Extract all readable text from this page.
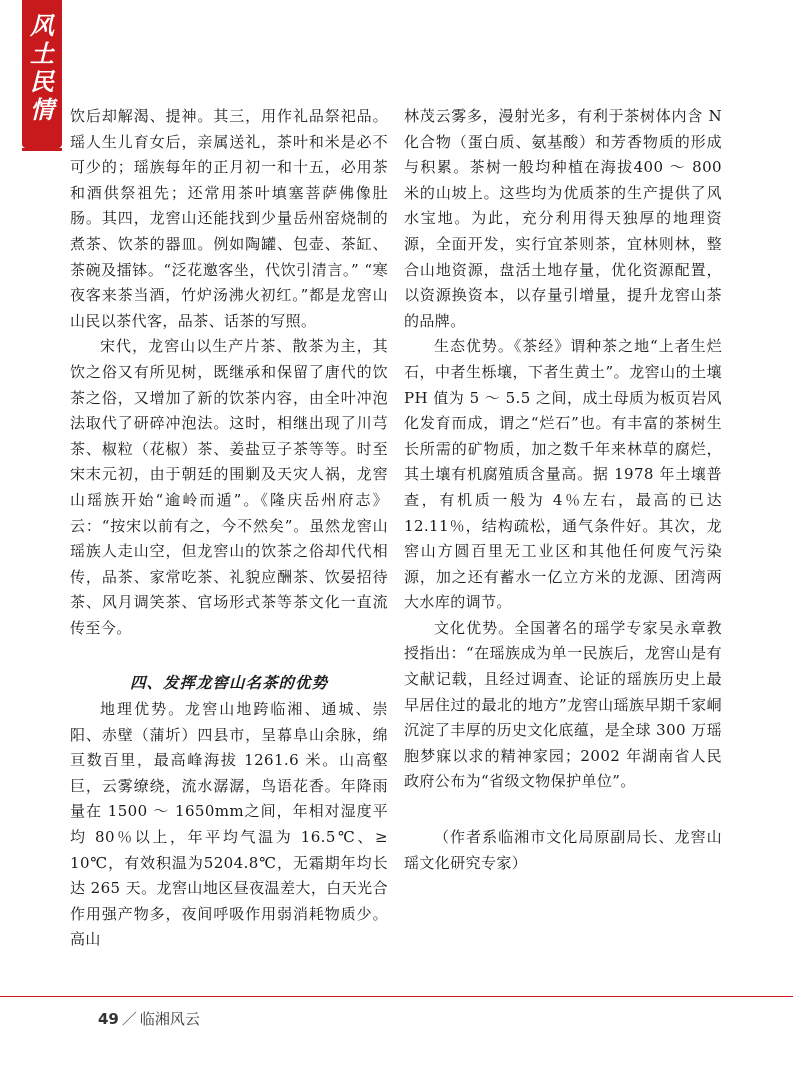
风
土
民
情	饮后却解渴、提神。其三，用作礼品祭祀品。瑶人生儿育女后，亲属送礼，茶叶和米是必不可少的；瑶族每年的正月初一和十五，必用茶和酒供祭祖先；还常用茶叶填塞菩萨佛像肚肠。其四，龙窖山还能找到少量岳州窑烧制的煮茶、饮茶的器皿。例如陶罐、包壶、茶缸、茶碗及擂钵。“泛花邀客坐，代饮引清言。” “寒夜客来茶当酒，竹炉汤沸火初红。”都是龙窖山山民以茶代客，品茶、话茶的写照。

宋代，龙窖山以生产片茶、散茶为主，其饮之俗又有所见树，既继承和保留了唐代的饮茶之俗，又增加了新的饮茶内容，由全叶冲泡法取代了研碎冲泡法。这时，相继出现了川芎茶、椒粒（花椒）茶、姜盐豆子茶等等。时至宋末元初，由于朝廷的围剿及天灾人祸，龙窖山瑶族开始“逾岭而遁”。《隆庆岳州府志》云：“按宋以前有之，今不然矣”。虽然龙窖山瑶族人走山空，但龙窖山的饮茶之俗却代代相传，品茶、家常吃茶、礼貌应酬茶、饮晏招待茶、风月调笑茶、官场形式茶等茶文化一直流传至今。

四、发挥龙窖山名茶的优势

地理优势。龙窖山地跨临湘、通城、崇阳、赤壁（蒲圻）四县市，呈幕阜山余脉，绵亘数百里，最高峰海拔 1261.6 米。山高壑巨，云雾缭绕，流水潺潺，鸟语花香。年降雨量在 1500 ～ 1650mm之间，年相对湿度平均 80％以上，年平均气温为 16.5℃、≥ 10℃，有效积温为5204.8℃，无霜期年均长达 265 天。龙窖山地区昼夜温差大，白天光合作用强产物多，夜间呼吸作用弱消耗物质少。高山

林茂云雾多，漫射光多，有利于茶树体内含 N 化合物（蛋白质、氨基酸）和芳香物质的形成与积累。茶树一般均种植在海拔400 ～ 800 米的山坡上。这些均为优质茶的生产提供了风水宝地。为此，充分利用得天独厚的地理资源，全面开发，实行宜茶则茶，宜林则林，整合山地资源，盘活土地存量，优化资源配置，以资源换资本，以存量引增量，提升龙窖山茶的品牌。

生态优势。《茶经》谓种茶之地“上者生烂石，中者生栎壤，下者生黄土”。龙窖山的土壤 PH 值为 5 ～ 5.5 之间，成土母质为板页岩风化发育而成，谓之“烂石”也。有丰富的茶树生长所需的矿物质，加之数千年来林草的腐烂，其土壤有机腐殖质含量高。据 1978 年土壤普查，有机质一般为 4％左右，最高的已达 12.11％，结构疏松，通气条件好。其次，龙窖山方圆百里无工业区和其他任何废气污染源，加之还有蓄水一亿立方米的龙源、团湾两大水库的调节。

文化优势。全国著名的瑶学专家吴永章教授指出：“在瑶族成为单一民族后，龙窖山是有文献记载，且经过调查、论证的瑶族历史上最早居住过的最北的地方”龙窖山瑶族早期千家峒沉淀了丰厚的历史文化底蕴，是全球 300 万瑶胞梦寐以求的精神家园；2002 年湖南省人民政府公布为“省级文物保护单位”。

（作者系临湘市文化局原副局长、龙窖山瑶文化研究专家）

49 ／ 临湘风云
